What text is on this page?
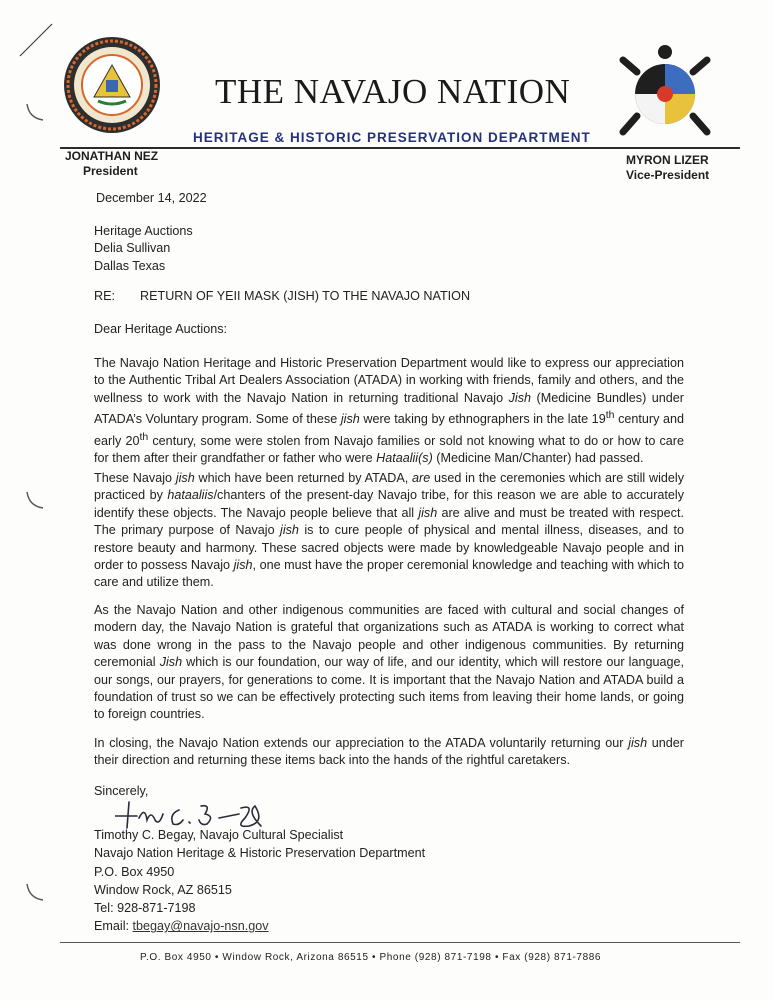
THE NAVAJO NATION
HERITAGE & HISTORIC PRESERVATION DEPARTMENT
JONATHAN NEZ
President
MYRON LIZER
Vice-President
December 14, 2022
Heritage Auctions
Delia Sullivan
Dallas Texas
RE: RETURN OF YEII MASK (JISH) TO THE NAVAJO NATION
Dear Heritage Auctions:
The Navajo Nation Heritage and Historic Preservation Department would like to express our appreciation to the Authentic Tribal Art Dealers Association (ATADA) in working with friends, family and others, and the wellness to work with the Navajo Nation in returning traditional Navajo Jish (Medicine Bundles) under ATADA’s Voluntary program. Some of these jish were taking by ethnographers in the late 19th century and early 20th century, some were stolen from Navajo families or sold not knowing what to do or how to care for them after their grandfather or father who were Hataalii(s) (Medicine Man/Chanter) had passed.
These Navajo jish which have been returned by ATADA, are used in the ceremonies which are still widely practiced by hataaliis/chanters of the present-day Navajo tribe, for this reason we are able to accurately identify these objects. The Navajo people believe that all jish are alive and must be treated with respect. The primary purpose of Navajo jish is to cure people of physical and mental illness, diseases, and to restore beauty and harmony. These sacred objects were made by knowledgeable Navajo people and in order to possess Navajo jish, one must have the proper ceremonial knowledge and teaching with which to care and utilize them.
As the Navajo Nation and other indigenous communities are faced with cultural and social changes of modern day, the Navajo Nation is grateful that organizations such as ATADA is working to correct what was done wrong in the pass to the Navajo people and other indigenous communities. By returning ceremonial Jish which is our foundation, our way of life, and our identity, which will restore our language, our songs, our prayers, for generations to come. It is important that the Navajo Nation and ATADA build a foundation of trust so we can be effectively protecting such items from leaving their home lands, or going to foreign countries.
In closing, the Navajo Nation extends our appreciation to the ATADA voluntarily returning our jish under their direction and returning these items back into the hands of the rightful caretakers.
Sincerely,
Timothy C. Begay, Navajo Cultural Specialist
Navajo Nation Heritage & Historic Preservation Department
P.O. Box 4950
Window Rock, AZ 86515
Tel: 928-871-7198
Email: tbegay@navajo-nsn.gov
P.O. Box 4950 • Window Rock, Arizona 86515 • Phone (928) 871-7198 • Fax (928) 871-7886
